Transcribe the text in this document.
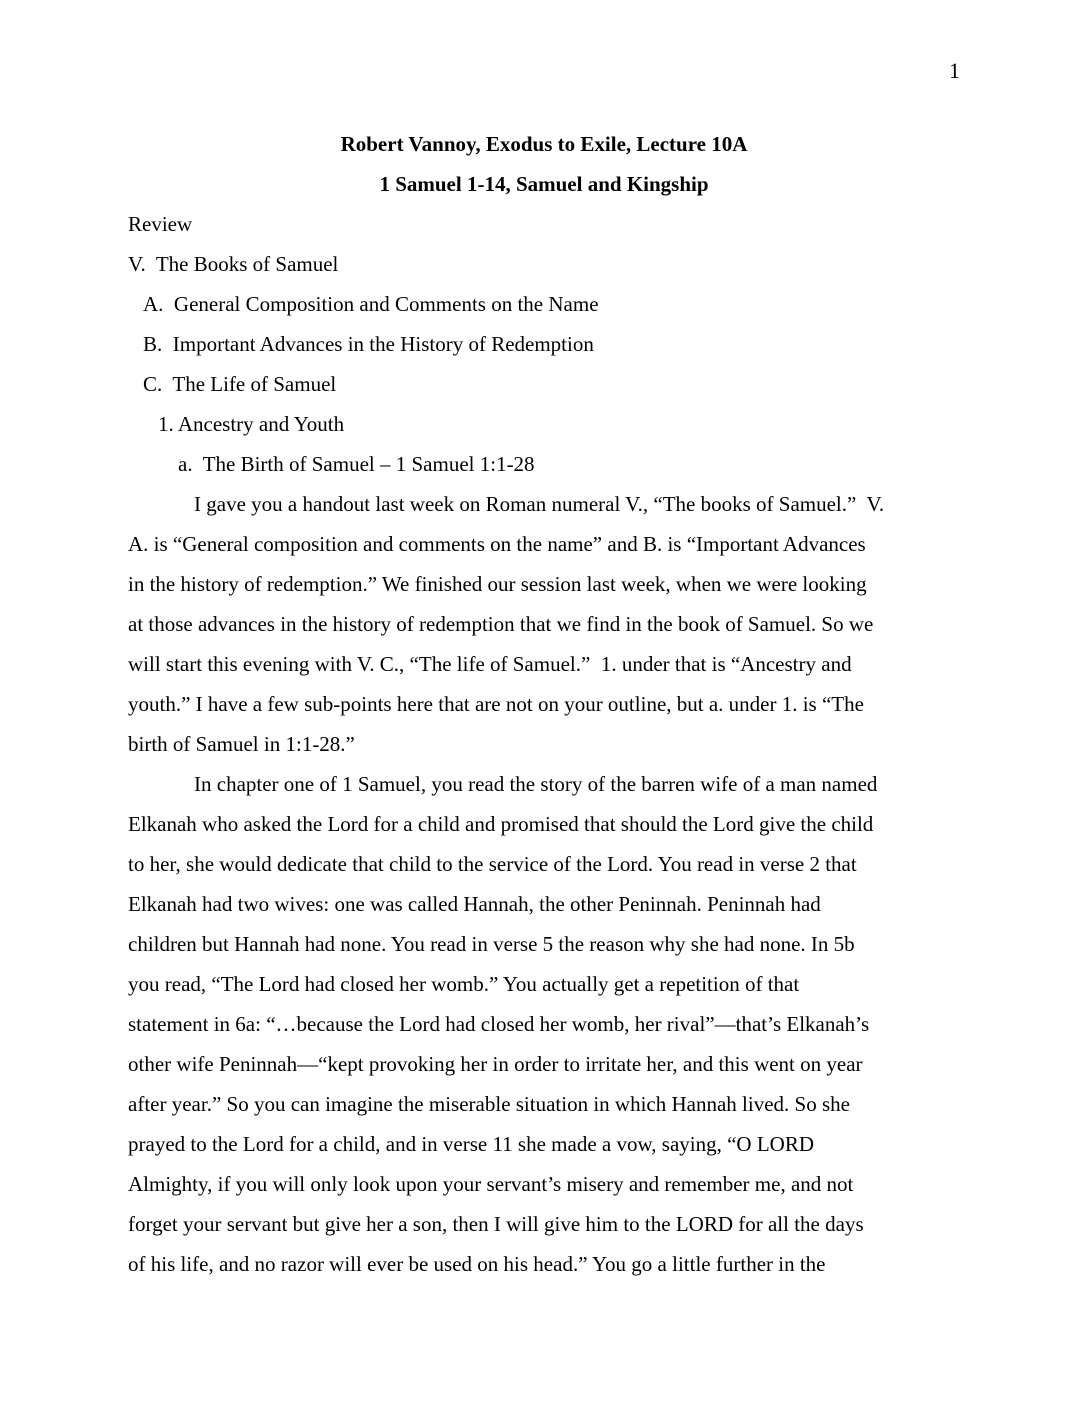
1
Robert Vannoy, Exodus to Exile, Lecture 10A
1 Samuel 1-14, Samuel and Kingship
Review
V.  The Books of Samuel
A.  General Composition and Comments on the Name
B.  Important Advances in the History of Redemption
C.  The Life of Samuel
1. Ancestry and Youth
a.  The Birth of Samuel – 1 Samuel 1:1-28
I gave you a handout last week on Roman numeral V., “The books of Samuel.”  V.
A. is “General composition and comments on the name” and B. is “Important Advances
in the history of redemption.” We finished our session last week, when we were looking
at those advances in the history of redemption that we find in the book of Samuel. So we
will start this evening with V. C., “The life of Samuel.”  1. under that is “Ancestry and
youth.” I have a few sub-points here that are not on your outline, but a. under 1. is “The
birth of Samuel in 1:1-28.”
In chapter one of 1 Samuel, you read the story of the barren wife of a man named
Elkanah who asked the Lord for a child and promised that should the Lord give the child
to her, she would dedicate that child to the service of the Lord. You read in verse 2 that
Elkanah had two wives: one was called Hannah, the other Peninnah. Peninnah had
children but Hannah had none. You read in verse 5 the reason why she had none. In 5b
you read, “The Lord had closed her womb.” You actually get a repetition of that
statement in 6a: “…because the Lord had closed her womb, her rival”—that’s Elkanah’s
other wife Peninnah—“kept provoking her in order to irritate her, and this went on year
after year.” So you can imagine the miserable situation in which Hannah lived. So she
prayed to the Lord for a child, and in verse 11 she made a vow, saying, “O LORD
Almighty, if you will only look upon your servant’s misery and remember me, and not
forget your servant but give her a son, then I will give him to the LORD for all the days
of his life, and no razor will ever be used on his head.” You go a little further in the
